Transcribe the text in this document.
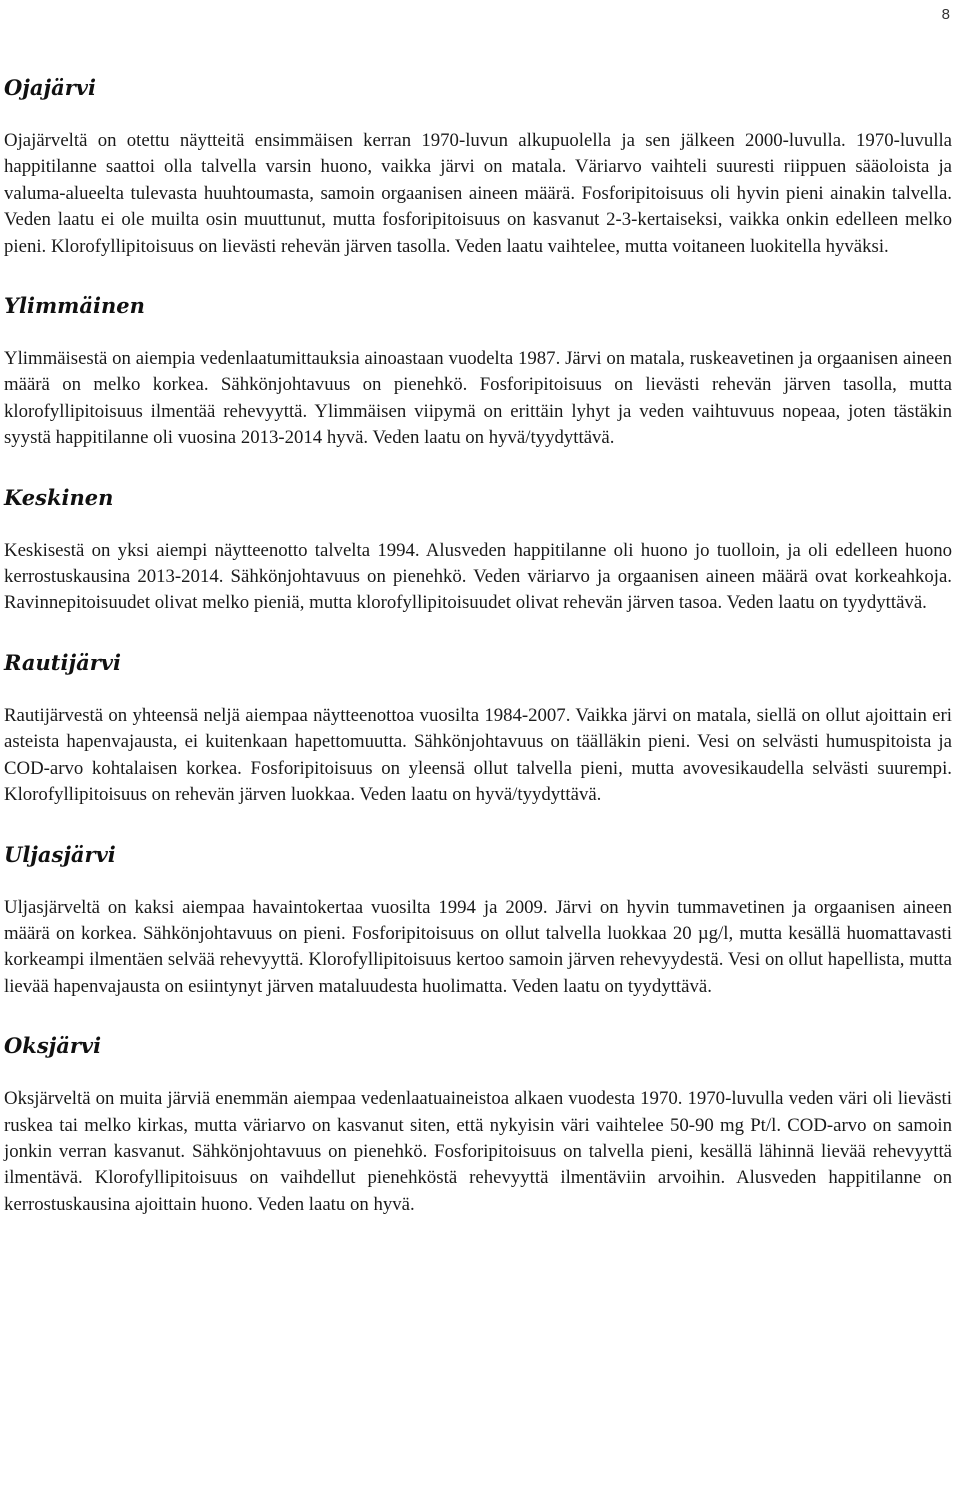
8
Ojajärvi

Ojajärveltä on otettu näytteitä ensimmäisen kerran 1970-luvun alkupuolella ja sen jälkeen 2000-luvulla. 1970-luvulla happitilanne saattoi olla talvella varsin huono, vaikka järvi on matala. Väriarvo vaihteli suuresti riippuen sääoloista ja valuma-alueelta tulevasta huuhtoumasta, samoin orgaanisen aineen määrä. Fosforipitoisuus oli hyvin pieni ainakin talvella. Veden laatu ei ole muilta osin muuttunut, mutta fosforipitoisuus on kasvanut 2-3-kertaiseksi, vaikka onkin edelleen melko pieni. Klorofyllipitoisuus on lievästi rehevän järven tasolla. Veden laatu vaihtelee, mutta voitaneen luokitella hyväksi.

Ylimmäinen

Ylimmäisestä on aiempia vedenlaatumittauksia ainoastaan vuodelta 1987. Järvi on matala, ruskeavetinen ja orgaanisen aineen määrä on melko korkea. Sähkönjohtavuus on pienehkö. Fosforipitoisuus on lievästi rehevän järven tasolla, mutta klorofyllipitoisuus ilmentää rehevyyttä. Ylimmäisen viipymä on erittäin lyhyt ja veden vaihtuvuus nopeaa, joten tästäkin syystä happitilanne oli vuosina 2013-2014 hyvä. Veden laatu on hyvä/tyydyttävä.

Keskinen

Keskisestä on yksi aiempi näytteenotto talvelta 1994. Alusveden happitilanne oli huono jo tuolloin, ja oli edelleen huono kerrostuskausina 2013-2014. Sähkönjohtavuus on pienehkö. Veden väriarvo ja orgaanisen aineen määrä ovat korkeahkoja. Ravinnepitoisuudet olivat melko pieniä, mutta klorofyllipitoisuudet olivat rehevän järven tasoa. Veden laatu on tyydyttävä.

Rautijärvi

Rautijärvestä on yhteensä neljä aiempaa näytteenottoa vuosilta 1984-2007. Vaikka järvi on matala, siellä on ollut ajoittain eri asteista hapenvajausta, ei kuitenkaan hapettomuutta. Sähkönjohtavuus on täälläkin pieni. Vesi on selvästi humuspitoista ja COD-arvo kohtalaisen korkea. Fosforipitoisuus on yleensä ollut talvella pieni, mutta avovesikaudella selvästi suurempi. Klorofyllipitoisuus on rehevän järven luokkaa. Veden laatu on hyvä/tyydyttävä.

Uljasjärvi

Uljasjärveltä on kaksi aiempaa havaintokertaa vuosilta 1994 ja 2009. Järvi on hyvin tummavetinen ja orgaanisen aineen määrä on korkea. Sähkönjohtavuus on pieni. Fosforipitoisuus on ollut talvella luokkaa 20 µg/l, mutta kesällä huomattavasti korkeampi ilmentäen selvää rehevyyttä. Klorofyllipitoisuus kertoo samoin järven rehevyydestä. Vesi on ollut hapellista, mutta lievää hapenvajausta on esiintynyt järven mataluudesta huolimatta. Veden laatu on tyydyttävä.

Oksjärvi

Oksjärveltä on muita järviä enemmän aiempaa vedenlaatuaineistoa alkaen vuodesta 1970. 1970-luvulla veden väri oli lievästi ruskea tai melko kirkas, mutta väriarvo on kasvanut siten, että nykyisin väri vaihtelee 50-90 mg Pt/l. COD-arvo on samoin jonkin verran kasvanut. Sähkönjohtavuus on pienehkö. Fosforipitoisuus on talvella pieni, kesällä lähinnä lievää rehevyyttä ilmentävä. Klorofyllipitoisuus on vaihdellut pienehköstä rehevyyttä ilmentäviin arvoihin. Alusveden happitilanne on kerrostuskausina ajoittain huono. Veden laatu on hyvä.
